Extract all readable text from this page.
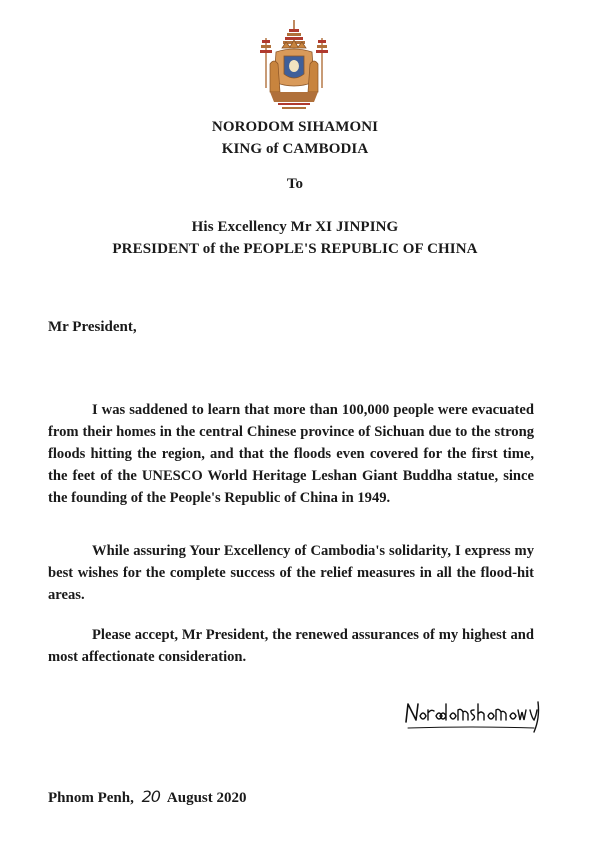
NORODOM SIHAMONI
KING of CAMBODIA
To
His Excellency Mr XI JINPING
PRESIDENT of the PEOPLE'S REPUBLIC OF CHINA
Mr President,
I was saddened to learn that more than 100,000 people were evacuated from their homes in the central Chinese province of Sichuan due to the strong floods hitting the region, and that the floods even covered for the first time, the feet of the UNESCO World Heritage Leshan Giant Buddha statue, since the founding of the People's Republic of China in 1949.
While assuring Your Excellency of Cambodia's solidarity, I express my best wishes for the complete success of the relief measures in all the flood-hit areas.
Please accept, Mr President, the renewed assurances of my highest and most affectionate consideration.
Phnom Penh, 20 August 2020
